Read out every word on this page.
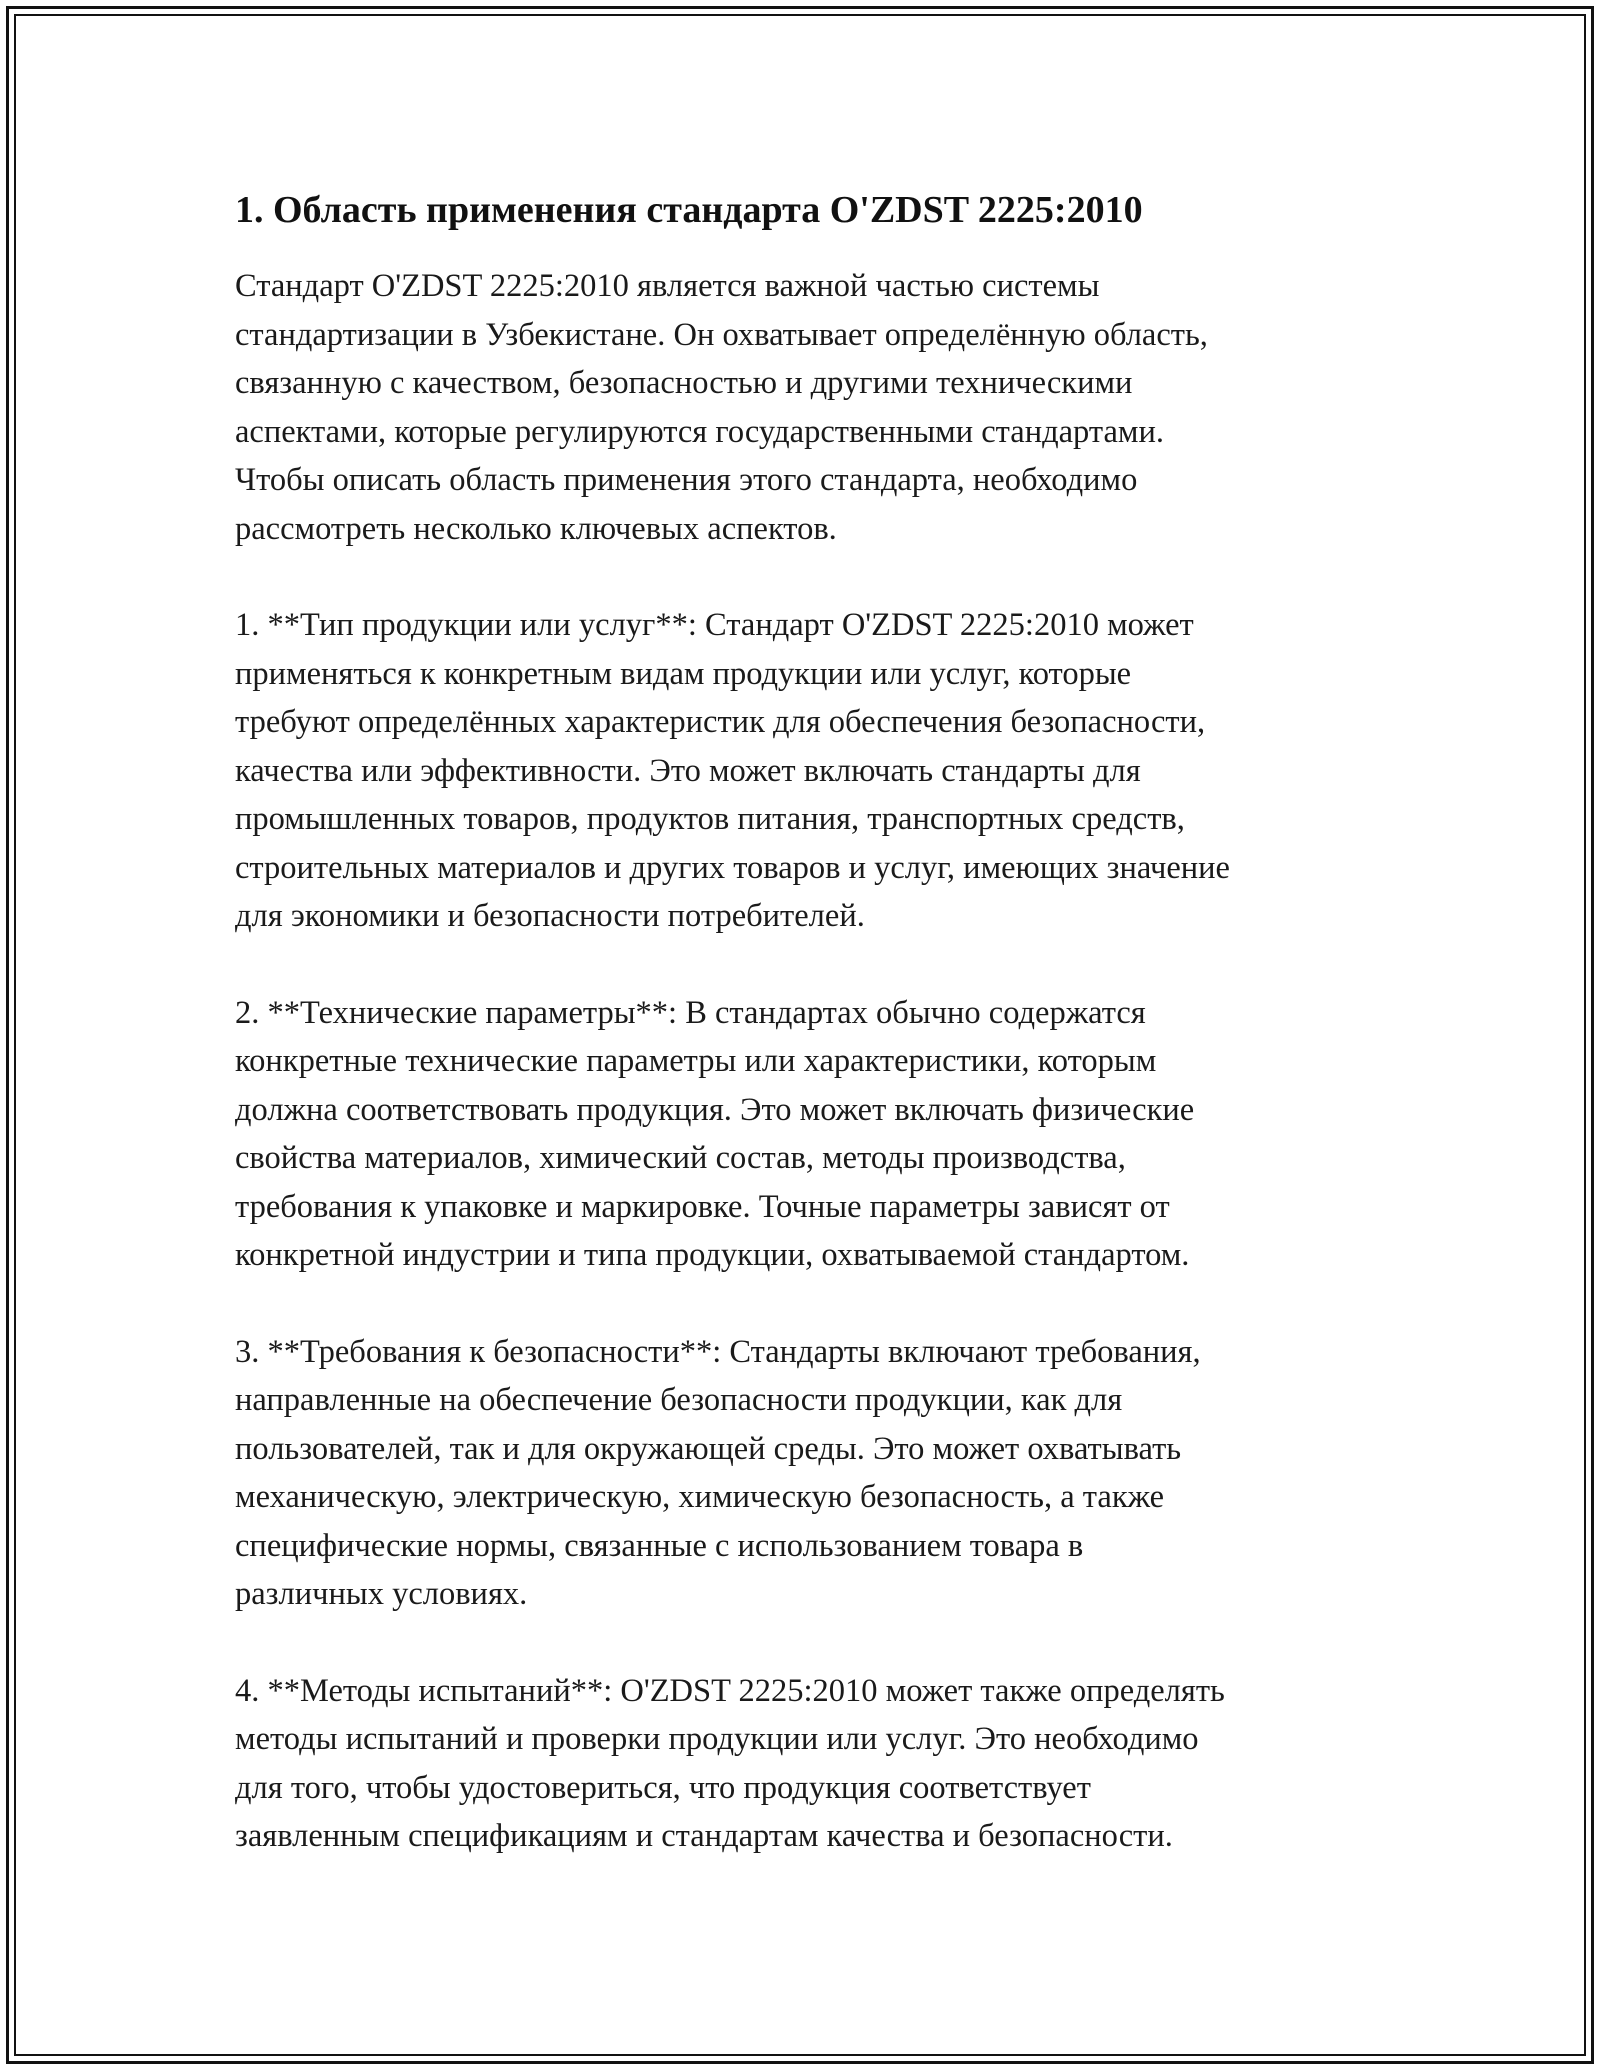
1. Область применения стандарта O'ZDST 2225:2010

Стандарт O'ZDST 2225:2010 является важной частью системы
стандартизации в Узбекистане. Он охватывает определённую область,
связанную с качеством, безопасностью и другими техническими
аспектами, которые регулируются государственными стандартами.
Чтобы описать область применения этого стандарта, необходимо
рассмотреть несколько ключевых аспектов.

1. **Тип продукции или услуг**: Стандарт O'ZDST 2225:2010 может
применяться к конкретным видам продукции или услуг, которые
требуют определённых характеристик для обеспечения безопасности,
качества или эффективности. Это может включать стандарты для
промышленных товаров, продуктов питания, транспортных средств,
строительных материалов и других товаров и услуг, имеющих значение
для экономики и безопасности потребителей.

2. **Технические параметры**: В стандартах обычно содержатся
конкретные технические параметры или характеристики, которым
должна соответствовать продукция. Это может включать физические
свойства материалов, химический состав, методы производства,
требования к упаковке и маркировке. Точные параметры зависят от
конкретной индустрии и типа продукции, охватываемой стандартом.

3. **Требования к безопасности**: Стандарты включают требования,
направленные на обеспечение безопасности продукции, как для
пользователей, так и для окружающей среды. Это может охватывать
механическую, электрическую, химическую безопасность, а также
специфические нормы, связанные с использованием товара в
различных условиях.

4. **Методы испытаний**: O'ZDST 2225:2010 может также определять
методы испытаний и проверки продукции или услуг. Это необходимо
для того, чтобы удостовериться, что продукция соответствует
заявленным спецификациям и стандартам качества и безопасности.
